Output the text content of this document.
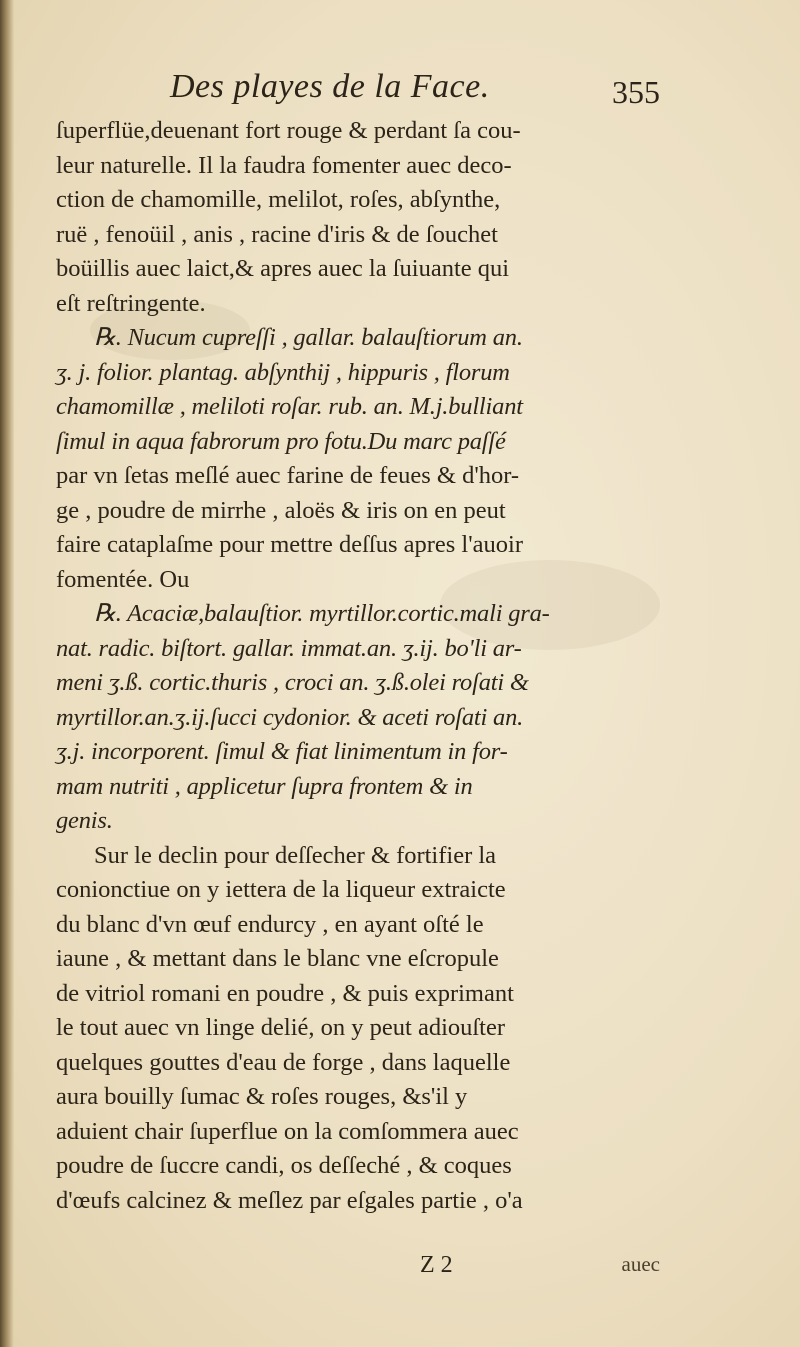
Des playes de la Face.	355
ſuperflüe,deuenant fort rouge & perdant ſa cou-
leur naturelle. Il la faudra fomenter auec deco-
ction de chamomille, melilot, roſes, abſynthe,
ruë , fenoüil , anis , racine d'iris & de ſouchet
boüillis auec laict,& apres auec la ſuiuante qui
eſt reſtringente.
℞. Nucum cupreſſi , gallar. balauſtiorum an.
ʒ. j. folior. plantag. abſynthij , hippuris , florum
chamomillæ , meliloti roſar. rub. an. M.j.bulliant
ſimul in aqua fabrorum pro fotu.Du marc paſſé
par vn ſetas meſlé auec farine de feues & d'hor-
ge , poudre de mirrhe , aloës & iris on en peut
faire cataplaſme pour mettre deſſus apres l'auoir
fomentée. Ou
℞. Acaciæ,balauſtior. myrtillor.cortic.mali gra-
nat. radic. biſtort. gallar. immat.an. ʒ.ij. bo'li ar-
meni ʒ.ß. cortic.thuris , croci an. ʒ.ß.olei roſati &
myrtillor.an.ʒ.ij.ſucci cydonior. & aceti roſati an.
ʒ.j. incorporent. ſimul & fiat linimentum in for-
mam nutriti , applicetur ſupra frontem & in
genis.
Sur le declin pour deſſecher & fortifier la
conionctiue on y iettera de la liqueur extraicte
du blanc d'vn œuf endurcy , en ayant oſté le
iaune , & mettant dans le blanc vne eſcropule
de vitriol romani en poudre , & puis exprimant
le tout auec vn linge delié, on y peut adiouſter
quelques gouttes d'eau de forge , dans laquelle
aura bouilly ſumac & roſes rouges, &s'il y
aduient chair ſuperflue on la comſommera auec
poudre de ſuccre candi, os deſſeché , & coques
d'œufs calcinez & meſlez par eſgales partie , o'a
Z 2	auec
